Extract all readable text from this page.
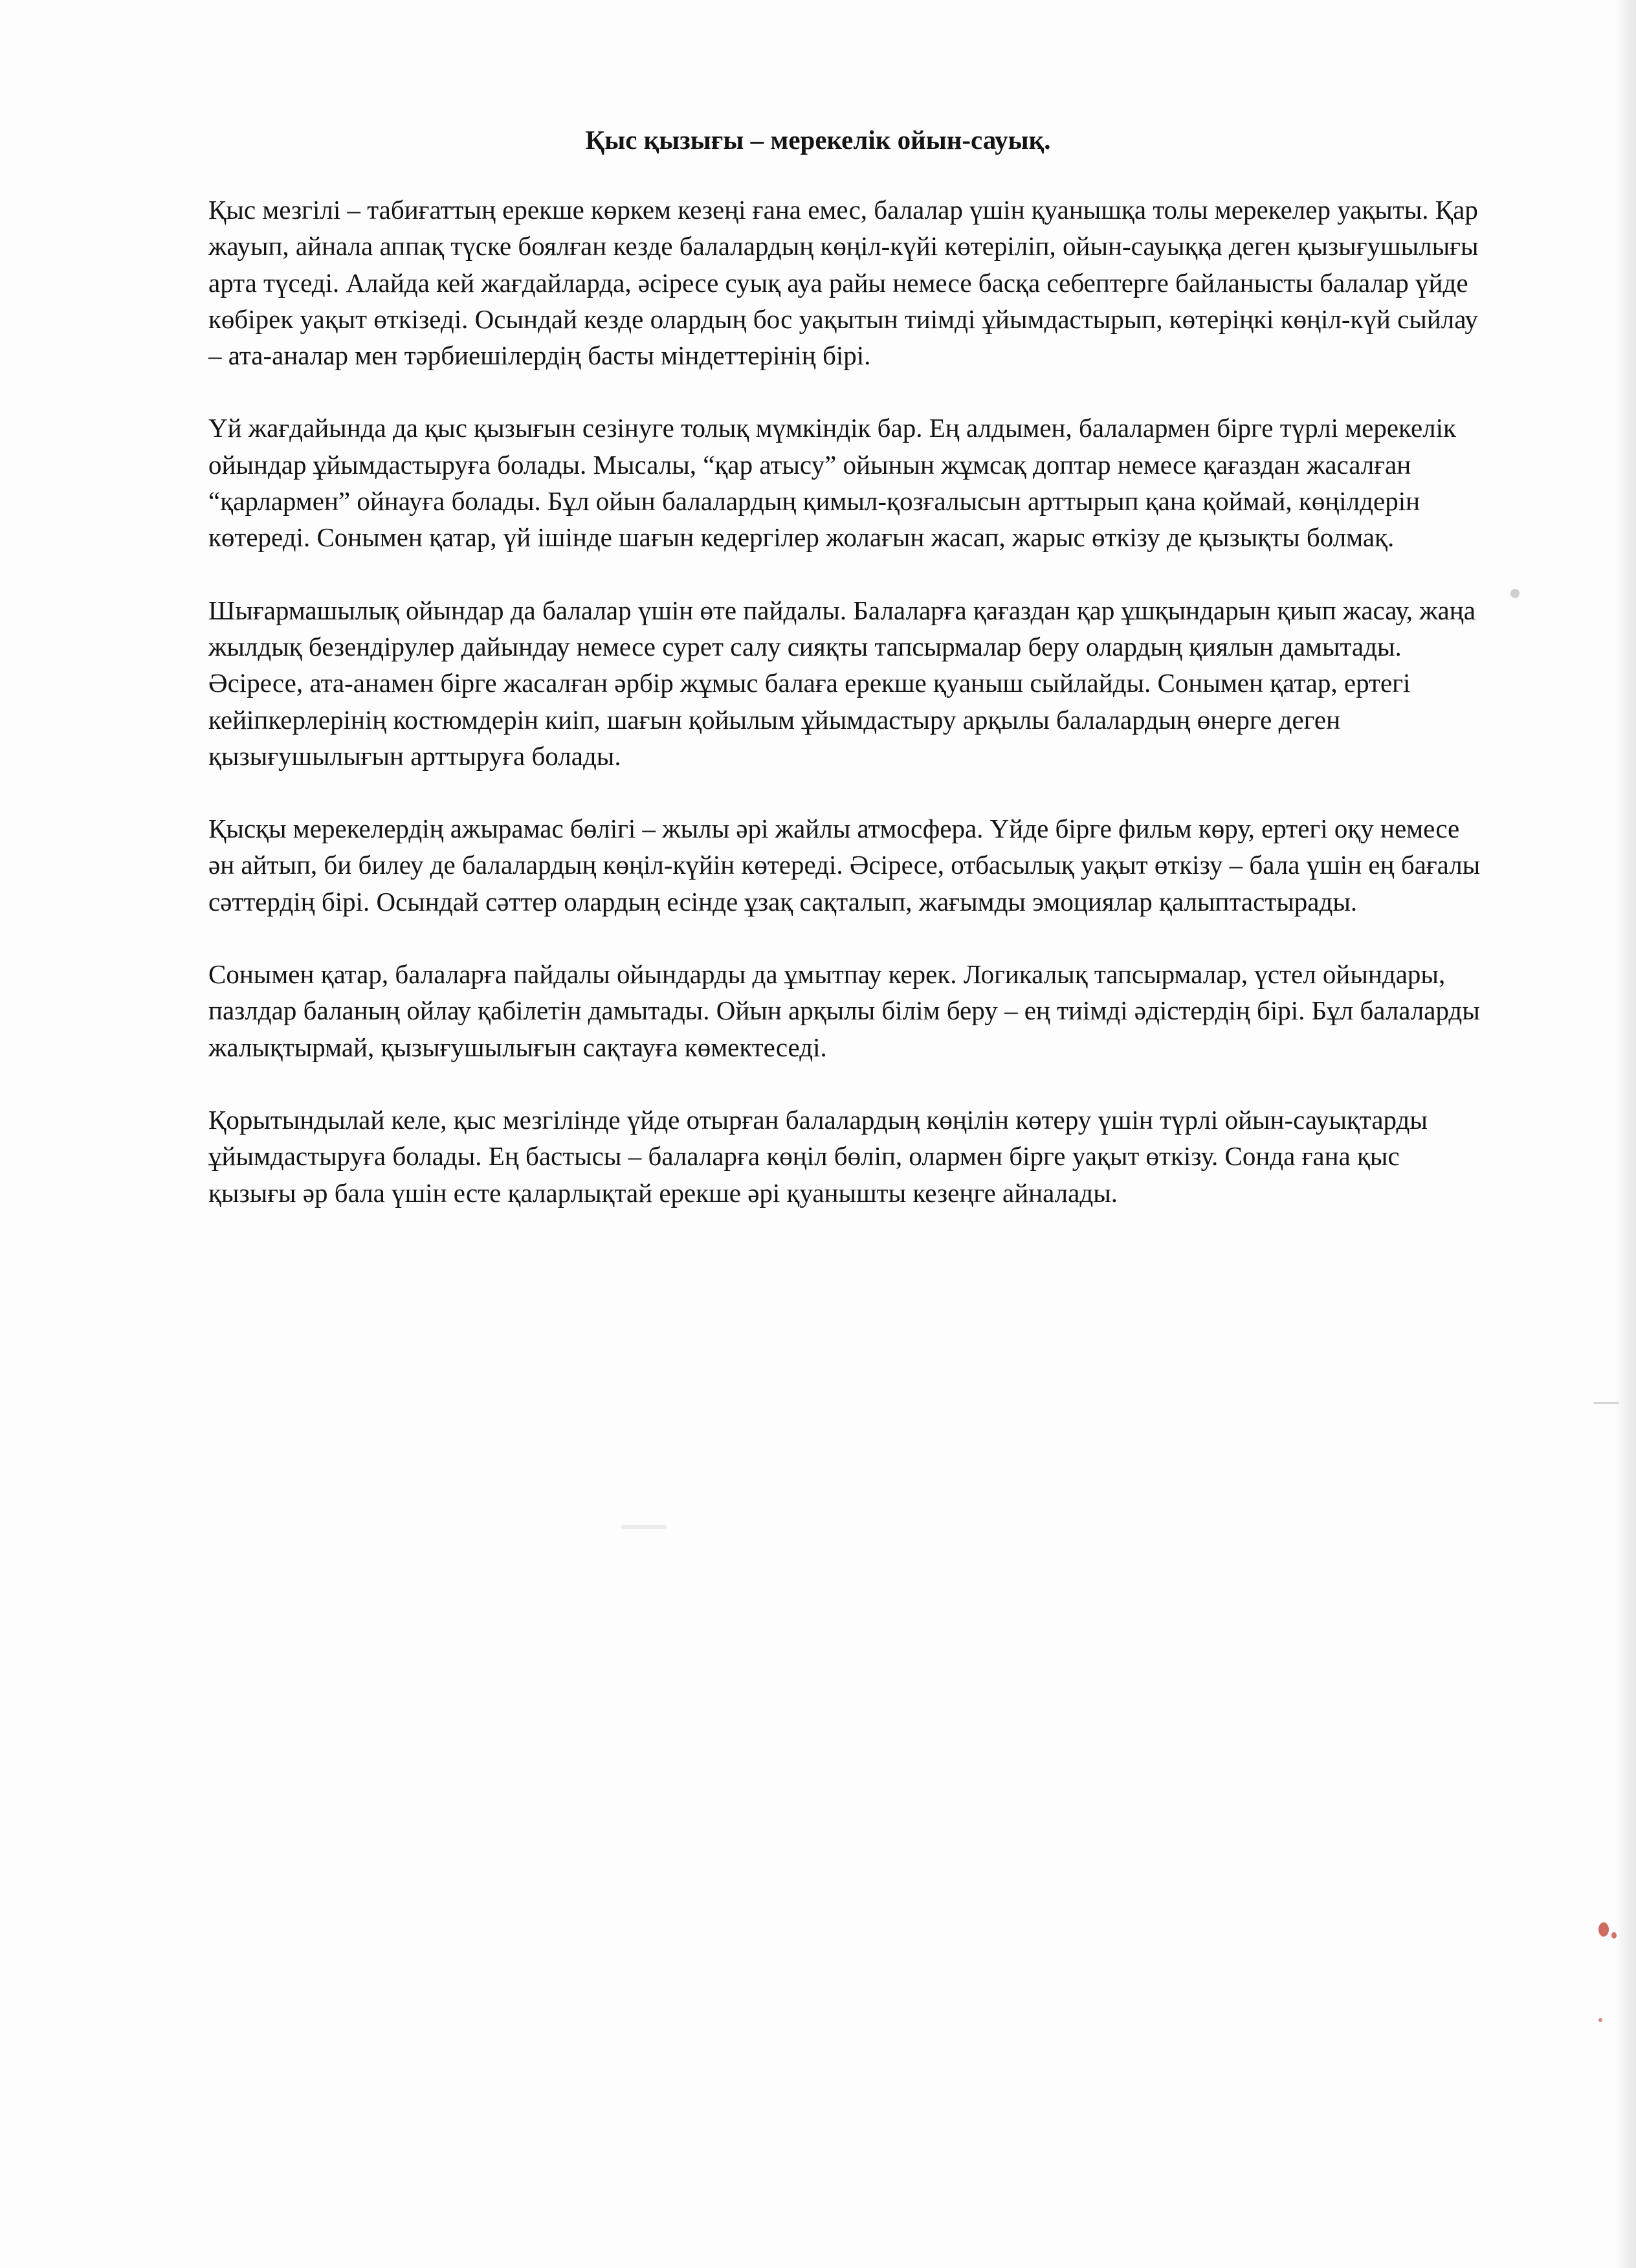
Қыс қызығы – мерекелік ойын-сауық.

Қыс мезгілі – табиғаттың ерекше көркем кезеңі ғана емес, балалар үшін қуанышқа толы мерекелер уақыты. Қар жауып, айнала аппақ түске боялған кезде балалардың көңіл-күйі көтеріліп, ойын-сауыққа деген қызығушылығы арта түседі. Алайда кей жағдайларда, әсіресе суық ауа райы немесе басқа себептерге байланысты балалар үйде көбірек уақыт өткізеді. Осындай кезде олардың бос уақытын тиімді ұйымдастырып, көтеріңкі көңіл-күй сыйлау – ата-аналар мен тәрбиешілердің басты міндеттерінің бірі.

Үй жағдайында да қыс қызығын сезінуге толық мүмкіндік бар. Ең алдымен, балалармен бірге түрлі мерекелік ойындар ұйымдастыруға болады. Мысалы, “қар атысу” ойынын жұмсақ доптар немесе қағаздан жасалған “қарлармен” ойнауға болады. Бұл ойын балалардың қимыл-қозғалысын арттырып қана қоймай, көңілдерін көтереді. Сонымен қатар, үй ішінде шағын кедергілер жолағын жасап, жарыс өткізу де қызықты болмақ.

Шығармашылық ойындар да балалар үшін өте пайдалы. Балаларға қағаздан қар ұшқындарын қиып жасау, жаңа жылдық безендірулер дайындау немесе сурет салу сияқты тапсырмалар беру олардың қиялын дамытады. Әсіресе, ата-анамен бірге жасалған әрбір жұмыс балаға ерекше қуаныш сыйлайды. Сонымен қатар, ертегі кейіпкерлерінің костюмдерін киіп, шағын қойылым ұйымдастыру арқылы балалардың өнерге деген қызығушылығын арттыруға болады.

Қысқы мерекелердің ажырамас бөлігі – жылы әрі жайлы атмосфера. Үйде бірге фильм көру, ертегі оқу немесе ән айтып, би билеу де балалардың көңіл-күйін көтереді. Әсіресе, отбасылық уақыт өткізу – бала үшін ең бағалы сәттердің бірі. Осындай сәттер олардың есінде ұзақ сақталып, жағымды эмоциялар қалыптастырады.

Сонымен қатар, балаларға пайдалы ойындарды да ұмытпау керек. Логикалық тапсырмалар, үстел ойындары, пазлдар баланың ойлау қабілетін дамытады. Ойын арқылы білім беру – ең тиімді әдістердің бірі. Бұл балаларды жалықтырмай, қызығушылығын сақтауға көмектеседі.

Қорытындылай келе, қыс мезгілінде үйде отырған балалардың көңілін көтеру үшін түрлі ойын-сауықтарды ұйымдастыруға болады. Ең бастысы – балаларға көңіл бөліп, олармен бірге уақыт өткізу. Сонда ғана қыс қызығы әр бала үшін есте қаларлықтай ерекше әрі қуанышты кезеңге айналады.
